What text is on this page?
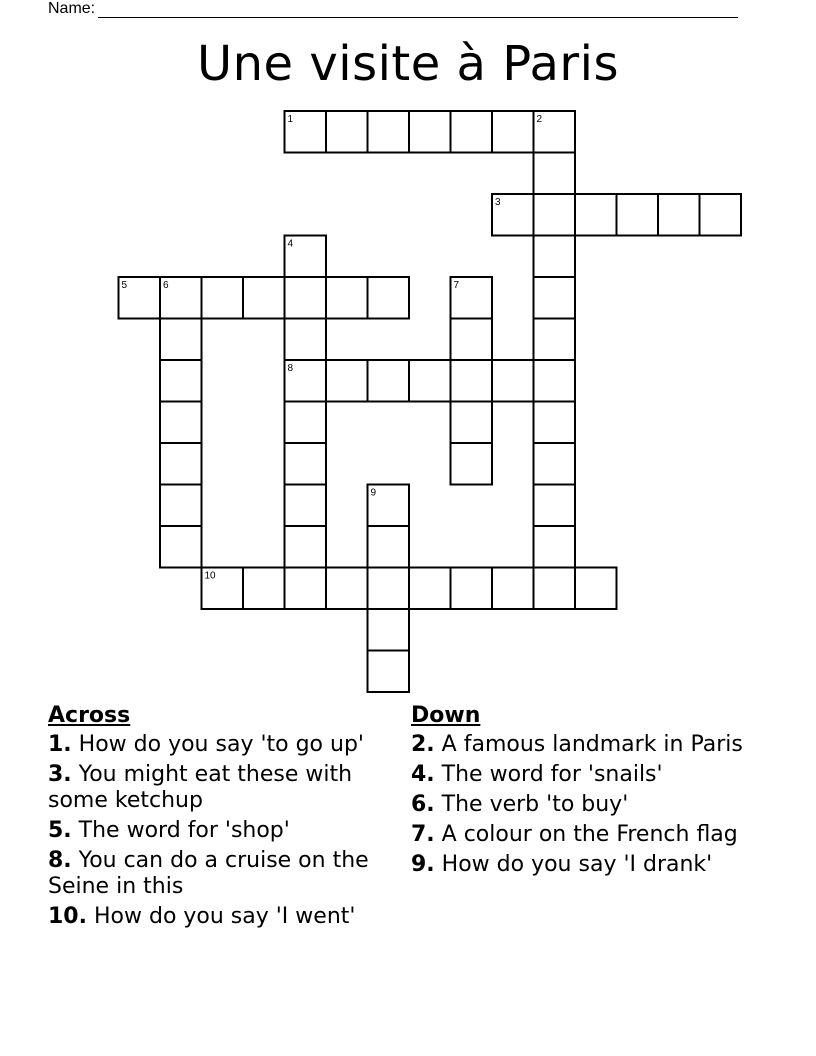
Name:
Une visite à Paris
1
3
5	6
8
10
2
4
7
9
Across
1. How do you say 'to go up'
3. You might eat these with some ketchup
5. The word for 'shop'
8. You can do a cruise on the Seine in this
10. How do you say 'I went'
Down
2. A famous landmark in Paris
4. The word for 'snails'
6. The verb 'to buy'
7. A colour on the French flag
9. How do you say 'I drank'
